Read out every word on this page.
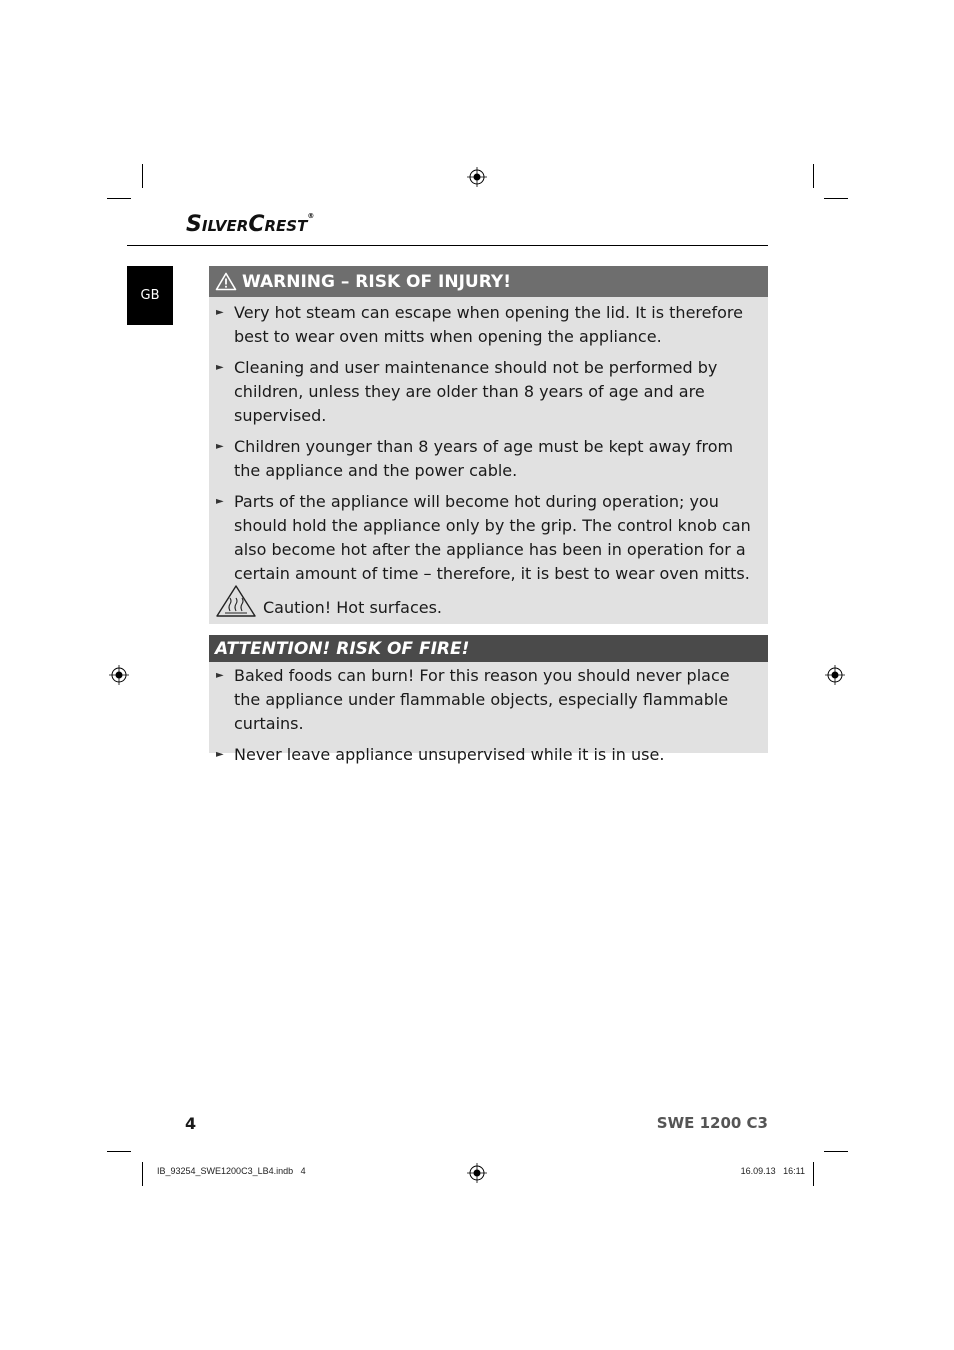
SILVERCREST®
GB
WARNING – RISK OF INJURY!
► Very hot steam can escape when opening the lid. It is therefore best to wear oven mitts when opening the appliance.
► Cleaning and user maintenance should not be performed by children, unless they are older than 8 years of age and are supervised.
► Children younger than 8 years of age must be kept away from the appliance and the power cable.
► Parts of the appliance will become hot during operation; you should hold the appliance only by the grip. The control knob can also become hot after the appliance has been in operation for a certain amount of time – therefore, it is best to wear oven mitts.
Caution! Hot surfaces.
ATTENTION! RISK OF FIRE!
► Baked foods can burn! For this reason you should never place the appliance under flammable objects, especially flammable curtains.
► Never leave appliance unsupervised while it is in use.
4	SWE 1200 C3
IB_93254_SWE1200C3_LB4.indb   4	16.09.13   16:11
